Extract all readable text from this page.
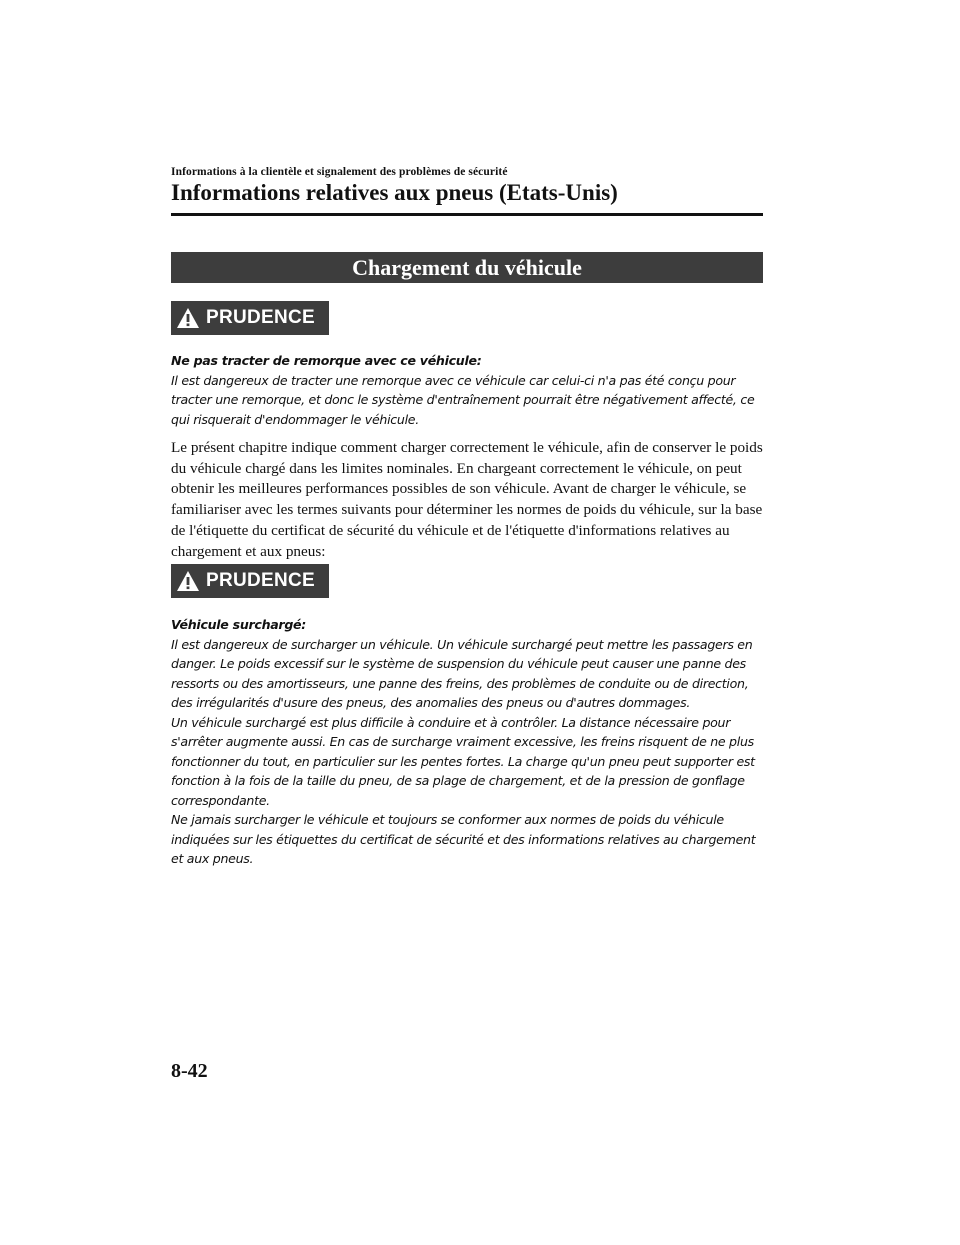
Informations à la clientèle et signalement des problèmes de sécurité
Informations relatives aux pneus (Etats-Unis)
Chargement du véhicule
PRUDENCE
Ne pas tracter de remorque avec ce véhicule:
Il est dangereux de tracter une remorque avec ce véhicule car celui-ci n'a pas été conçu pour tracter une remorque, et donc le système d'entraînement pourrait être négativement affecté, ce qui risquerait d'endommager le véhicule.
Le présent chapitre indique comment charger correctement le véhicule, afin de conserver le poids du véhicule chargé dans les limites nominales. En chargeant correctement le véhicule, on peut obtenir les meilleures performances possibles de son véhicule. Avant de charger le véhicule, se familiariser avec les termes suivants pour déterminer les normes de poids du véhicule, sur la base de l'étiquette du certificat de sécurité du véhicule et de l'étiquette d'informations relatives au chargement et aux pneus:
PRUDENCE
Véhicule surchargé:
Il est dangereux de surcharger un véhicule. Un véhicule surchargé peut mettre les passagers en danger. Le poids excessif sur le système de suspension du véhicule peut causer une panne des ressorts ou des amortisseurs, une panne des freins, des problèmes de conduite ou de direction, des irrégularités d'usure des pneus, des anomalies des pneus ou d'autres dommages.
Un véhicule surchargé est plus difficile à conduire et à contrôler. La distance nécessaire pour s'arrêter augmente aussi. En cas de surcharge vraiment excessive, les freins risquent de ne plus fonctionner du tout, en particulier sur les pentes fortes. La charge qu'un pneu peut supporter est fonction à la fois de la taille du pneu, de sa plage de chargement, et de la pression de gonflage correspondante.
Ne jamais surcharger le véhicule et toujours se conformer aux normes de poids du véhicule indiquées sur les étiquettes du certificat de sécurité et des informations relatives au chargement et aux pneus.
8-42
